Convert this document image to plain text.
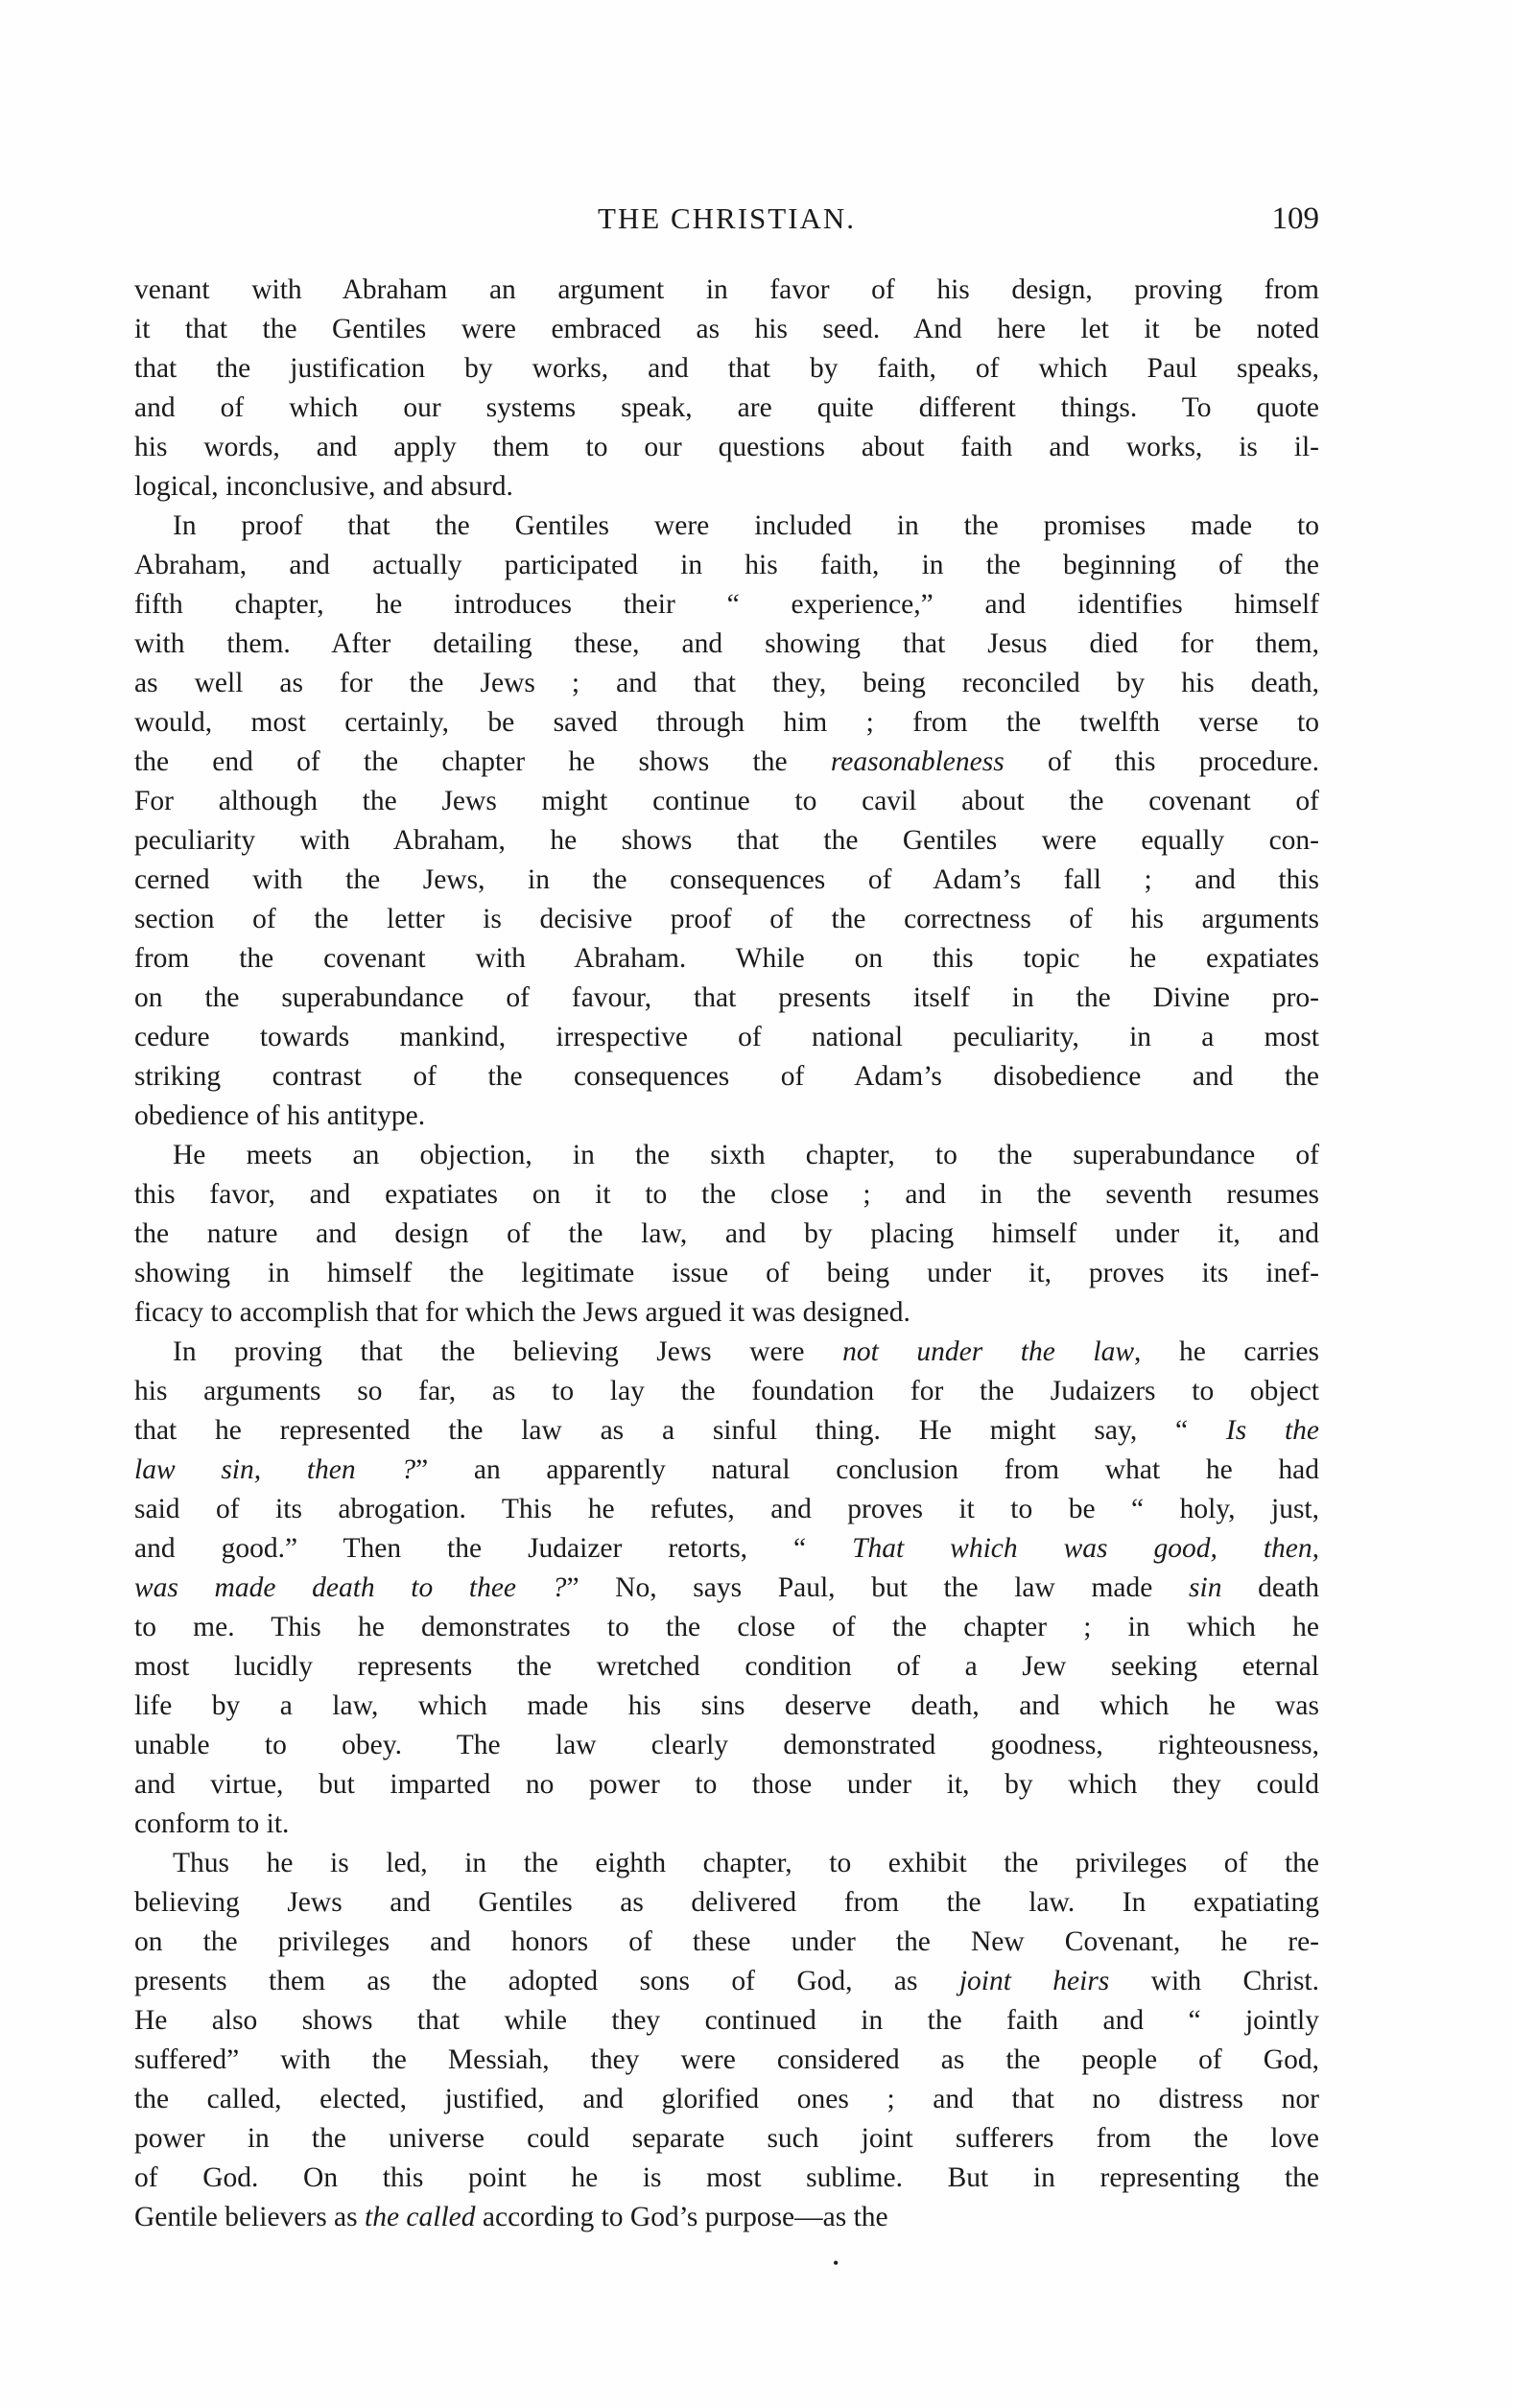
THE CHRISTIAN.	109
venant with Abraham an argument in favor of his design, proving from
it that the Gentiles were embraced as his seed. And here let it be noted
that the justification by works, and that by faith, of which Paul speaks,
and of which our systems speak, are quite different things. To quote
his words, and apply them to our questions about faith and works, is il-
logical, inconclusive, and absurd.
In proof that the Gentiles were included in the promises made to
Abraham, and actually participated in his faith, in the beginning of the
fifth chapter, he introduces their “ experience,” and identifies himself
with them. After detailing these, and showing that Jesus died for them,
as well as for the Jews ; and that they, being reconciled by his death,
would, most certainly, be saved through him ; from the twelfth verse to
the end of the chapter he shows the reasonableness of this procedure.
For although the Jews might continue to cavil about the covenant of
peculiarity with Abraham, he shows that the Gentiles were equally con-
cerned with the Jews, in the consequences of Adam’s fall ; and this
section of the letter is decisive proof of the correctness of his arguments
from the covenant with Abraham. While on this topic he expatiates
on the superabundance of favour, that presents itself in the Divine pro-
cedure towards mankind, irrespective of national peculiarity, in a most
striking contrast of the consequences of Adam’s disobedience and the
obedience of his antitype.
He meets an objection, in the sixth chapter, to the superabundance of
this favor, and expatiates on it to the close ; and in the seventh resumes
the nature and design of the law, and by placing himself under it, and
showing in himself the legitimate issue of being under it, proves its inef-
ficacy to accomplish that for which the Jews argued it was designed.
In proving that the believing Jews were not under the law, he carries
his arguments so far, as to lay the foundation for the Judaizers to object
that he represented the law as a sinful thing. He might say, “ Is the
law sin, then ?” an apparently natural conclusion from what he had
said of its abrogation. This he refutes, and proves it to be “ holy, just,
and good.” Then the Judaizer retorts, “ That which was good, then,
was made death to thee ?” No, says Paul, but the law made sin death
to me. This he demonstrates to the close of the chapter ; in which he
most lucidly represents the wretched condition of a Jew seeking eternal
life by a law, which made his sins deserve death, and which he was
unable to obey. The law clearly demonstrated goodness, righteousness,
and virtue, but imparted no power to those under it, by which they could
conform to it.
Thus he is led, in the eighth chapter, to exhibit the privileges of the
believing Jews and Gentiles as delivered from the law. In expatiating
on the privileges and honors of these under the New Covenant, he re-
presents them as the adopted sons of God, as joint heirs with Christ.
He also shows that while they continued in the faith and “ jointly
suffered” with the Messiah, they were considered as the people of God,
the called, elected, justified, and glorified ones ; and that no distress nor
power in the universe could separate such joint sufferers from the love
of God. On this point he is most sublime. But in representing the
Gentile believers as the called according to God’s purpose—as the
•
